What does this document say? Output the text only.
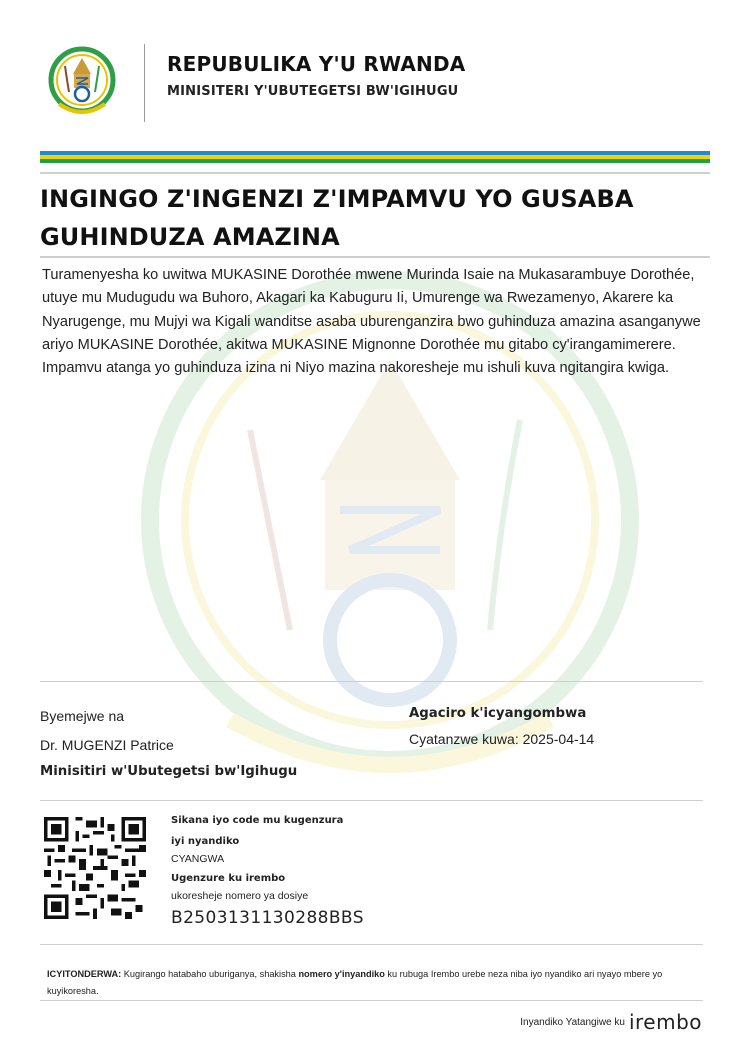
REPUBULIKA Y'U RWANDA
MINISITERI Y'UBUTEGETSI BW'IGIHUGU
INGINGO Z'INGENZI Z'IMPAMVU YO GUSABA GUHINDUZA AMAZINA
Turamenyesha ko uwitwa MUKASINE Dorothée mwene Murinda Isaie na Mukasarambuye Dorothée, utuye mu Mudugudu wa Buhoro, Akagari ka Kabuguru Ii, Umurenge wa Rwezamenyo, Akarere ka Nyarugenge, mu Mujyi wa Kigali wanditse asaba uburenganzira bwo guhinduza amazina asanganywe ariyo MUKASINE Dorothée, akitwa MUKASINE Mignonne Dorothée mu gitabo cy'irangamimerere. Impamvu atanga yo guhinduza izina ni Niyo mazina nakoresheje mu ishuli kuva ngitangira kwiga.
Byemejwe na
Dr. MUGENZI Patrice
Minisitiri w'Ubutegetsi bw'Igihugu
Agaciro k'icyangombwa
Cyatanzwe kuwa: 2025-04-14
Sikana iyo code mu kugenzura
iyi nyandiko
CYANGWA
Ugenzure ku irembo
ukoresheje nomero ya dosiye
B2503131130288BBS
ICYITONDERWA: Kugirango hatabaho uburiganya, shakisha nomero y'inyandiko ku rubuga Irembo urebe neza niba iyo nyandiko ari nyayo mbere yo kuyikoresha.
Inyandiko Yatangiwe ku irembo
